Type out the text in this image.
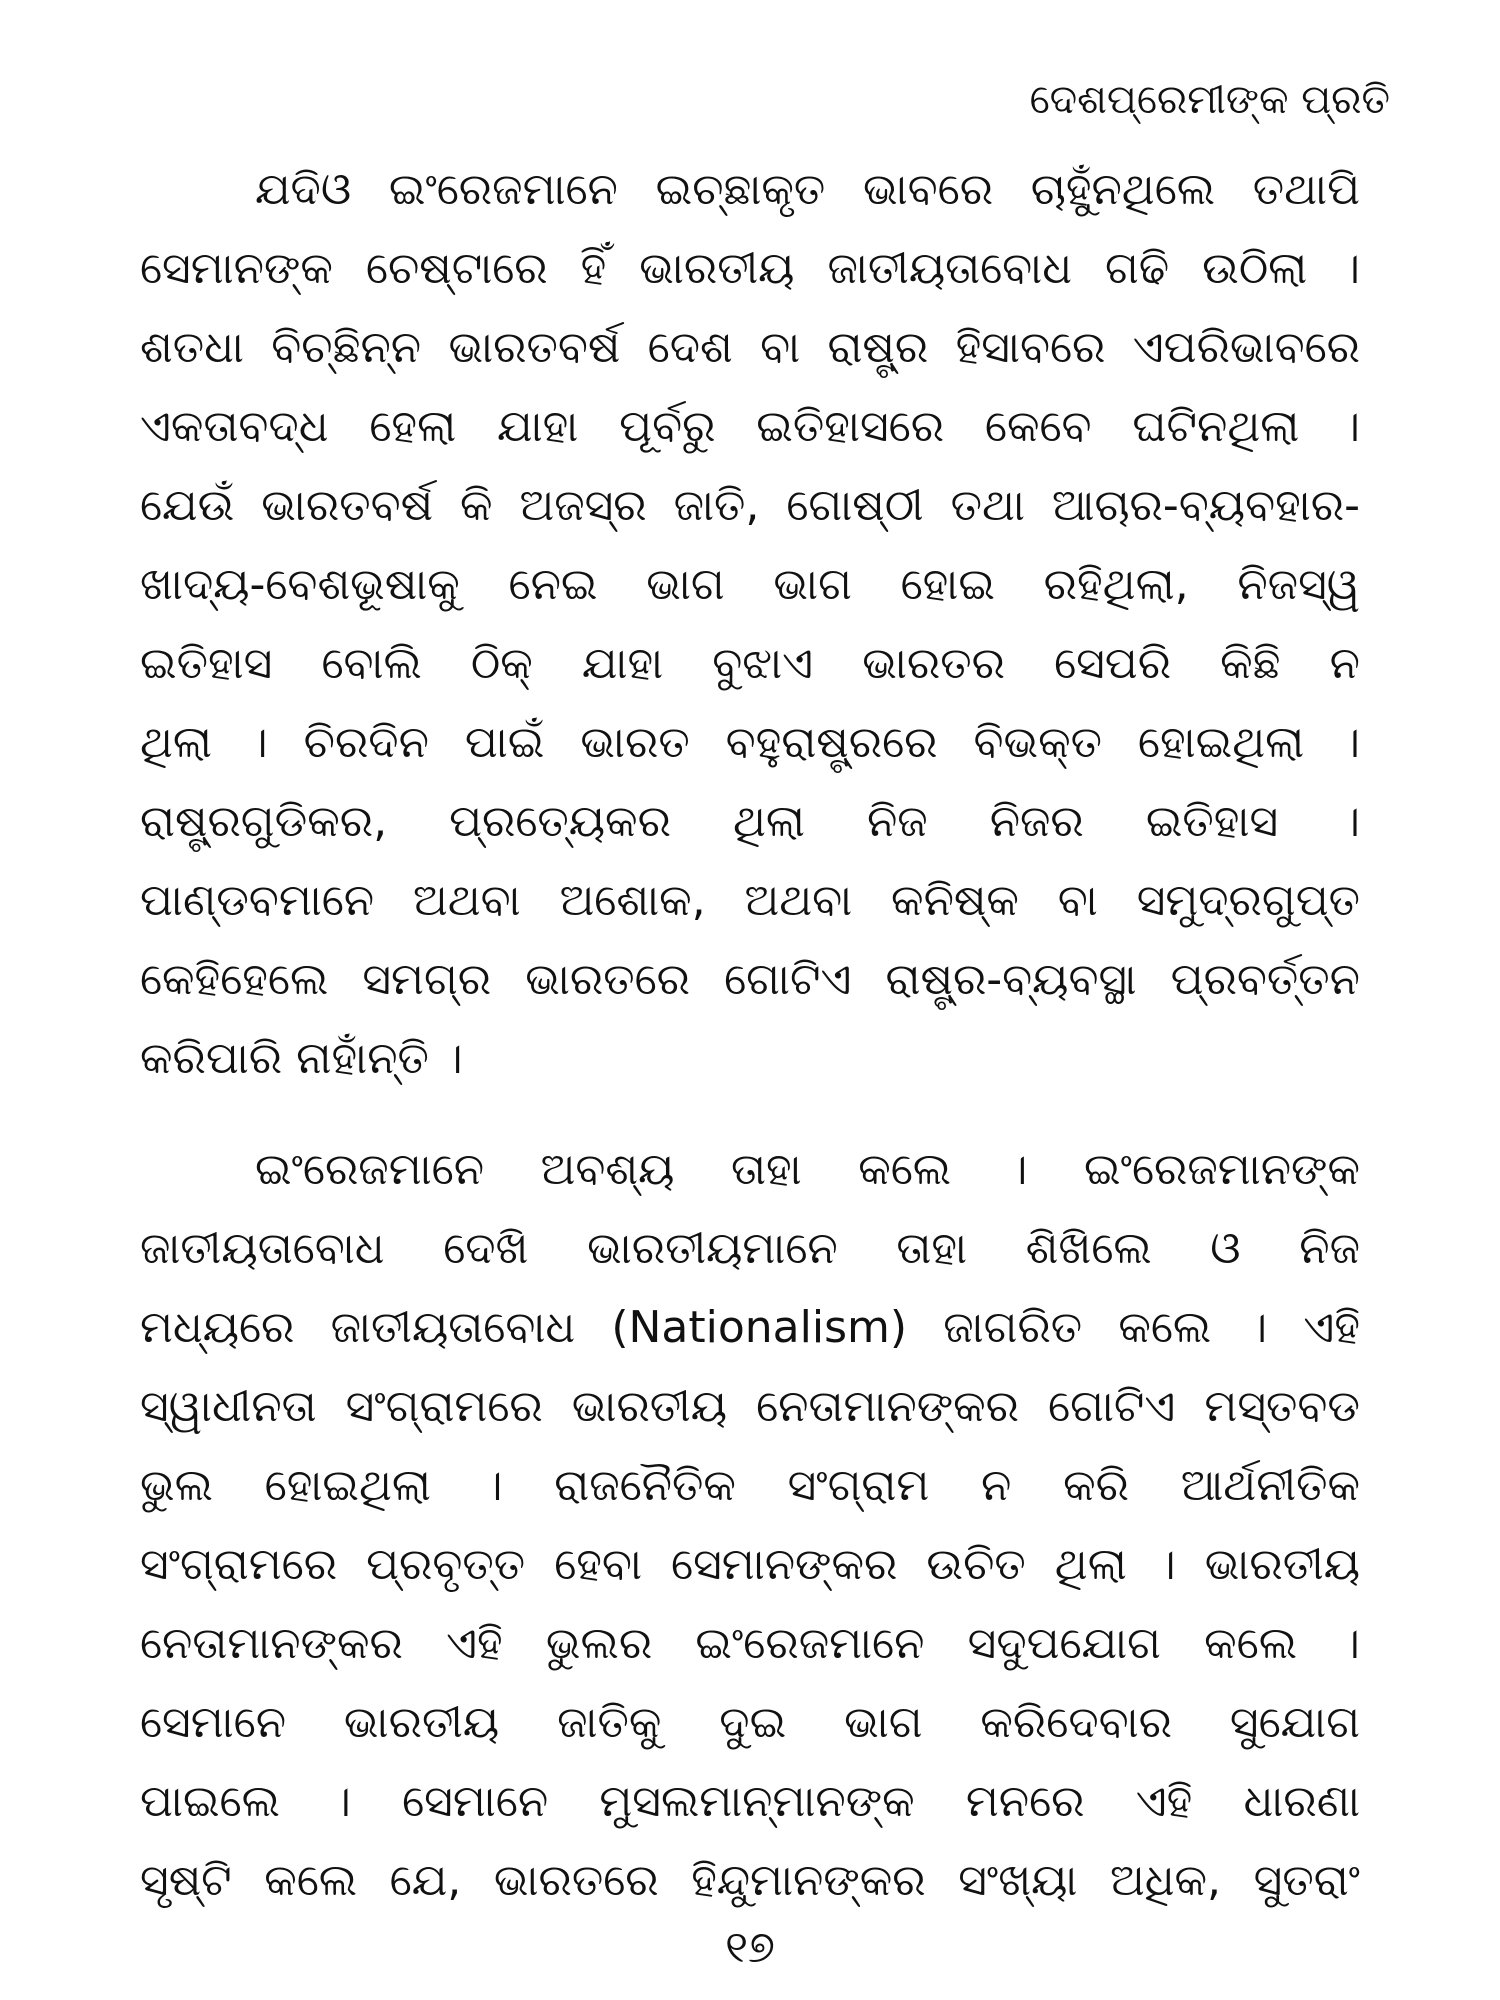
ଦେଶପ୍ରେମୀଙ୍କ ପ୍ରତି
ଯଦିଓ ଇଂରେଜମାନେ ଇଚ୍ଛାକୃତ ଭାବରେ ଚାହୁଁନଥିଲେ ତଥାପି
ସେମାନଙ୍କ ଚେଷ୍ଟାରେ ହିଁ ଭାରତୀୟ ଜାତୀୟତାବୋଧ ଗଢି ଉଠିଲା ।
ଶତଧା ବିଚ୍ଛିନ୍ନ ଭାରତବର୍ଷ ଦେଶ ବା ରାଷ୍ଟ୍ର ହିସାବରେ ଏପରିଭାବରେ
ଏକତାବଦ୍ଧ ହେଲା ଯାହା ପୂର୍ବରୁ ଇତିହାସରେ କେବେ ଘଟିନଥିଲା ।
ଯେଉଁ ଭାରତବର୍ଷ କି ଅଜସ୍ର ଜାତି, ଗୋଷ୍ଠୀ ତଥା ଆଚାର-ବ୍ୟବହାର-
ଖାଦ୍ୟ-ବେଶଭୂଷାକୁ ନେଇ ଭାଗ ଭାଗ ହୋଇ ରହିଥିଲା, ନିଜସ୍ୱ
ଇତିହାସ ବୋଲି ଠିକ୍ ଯାହା ବୁଝାଏ ଭାରତର ସେପରି କିଛି ନ
ଥିଲା । ଚିରଦିନ ପାଇଁ ଭାରତ ବହୁରାଷ୍ଟ୍ରରେ ବିଭକ୍ତ ହୋଇଥିଲା ।
ରାଷ୍ଟ୍ରଗୁଡିକର, ପ୍ରତ୍ୟେକର ଥିଲା ନିଜ ନିଜର ଇତିହାସ ।
ପାଣ୍ଡବମାନେ ଅଥବା ଅଶୋକ, ଅଥବା କନିଷ୍କ ବା ସମୁଦ୍ରଗୁପ୍ତ
କେହିହେଲେ ସମଗ୍ର ଭାରତରେ ଗୋଟିଏ ରାଷ୍ଟ୍ର-ବ୍ୟବସ୍ଥା ପ୍ରବର୍ତ୍ତନ
କରିପାରି ନାହାଁନ୍ତି ।
ଇଂରେଜମାନେ ଅବଶ୍ୟ ତାହା କଲେ । ଇଂରେଜମାନଙ୍କ
ଜାତୀୟତାବୋଧ ଦେଖି ଭାରତୀୟମାନେ ତାହା ଶିଖିଲେ ଓ ନିଜ
ମଧ୍ୟରେ ଜାତୀୟତାବୋଧ (Nationalism) ଜାଗରିତ କଲେ । ଏହି
ସ୍ୱାଧୀନତା ସଂଗ୍ରାମରେ ଭାରତୀୟ ନେତାମାନଙ୍କର ଗୋଟିଏ ମସ୍ତବଡ
ଭୁଲ ହୋଇଥିଲା । ରାଜନୈତିକ ସଂଗ୍ରାମ ନ କରି ଆର୍ଥନୀତିକ
ସଂଗ୍ରାମରେ ପ୍ରବୃତ୍ତ ହେବା ସେମାନଙ୍କର ଉଚିତ ଥିଲା । ଭାରତୀୟ
ନେତାମାନଙ୍କର ଏହି ଭୁଲର ଇଂରେଜମାନେ ସଦୁପଯୋଗ କଲେ ।
ସେମାନେ ଭାରତୀୟ ଜାତିକୁ ଦୁଇ ଭାଗ କରିଦେବାର ସୁଯୋଗ
ପାଇଲେ । ସେମାନେ ମୁସଲମାନ୍‌ମାନଙ୍କ ମନରେ ଏହି ଧାରଣା
ସୃଷ୍ଟି କଲେ ଯେ, ଭାରତରେ ହିନ୍ଦୁମାନଙ୍କର ସଂଖ୍ୟା ଅଧିକ, ସୁତରାଂ
୧୭
